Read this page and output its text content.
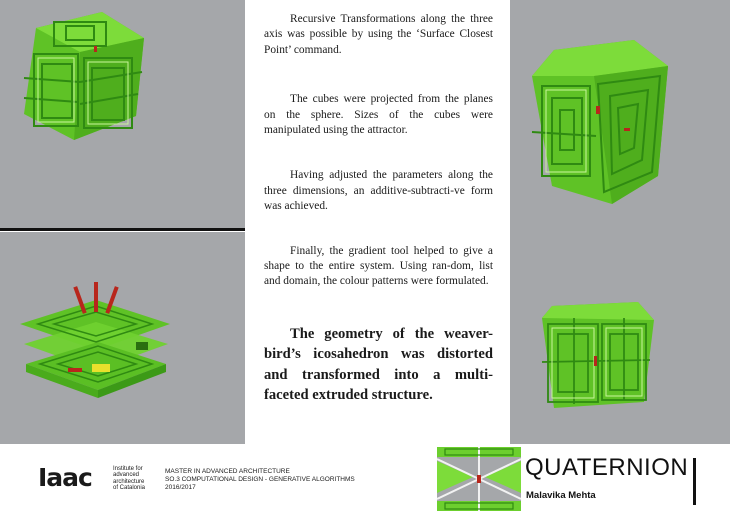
Recursive Transformations along the three axis was possible by using the ‘Surface Closest Point’ command.

The cubes were projected from the planes on the sphere. Sizes of the cubes were manipulated using the attractor.

Having adjusted the parameters along the three dimensions, an additive-subtracti-ve form was achieved.

Finally, the gradient tool helped to give a shape to the entire system. Using ran-dom, list and domain, the colour patterns were formulated.

The geometry of the weaver-bird’s icosahedron was distorted and transformed into a multi-faceted extruded structure.

Iaac	Institute for
advanced
architecture
of Catalonia
MASTER IN ADVANCED ARCHITECTURE
SO.3 COMPUTATIONAL DESIGN - GENERATIVE ALGORITHMS
2016/2017
QUATERNION
Malavika Mehta
